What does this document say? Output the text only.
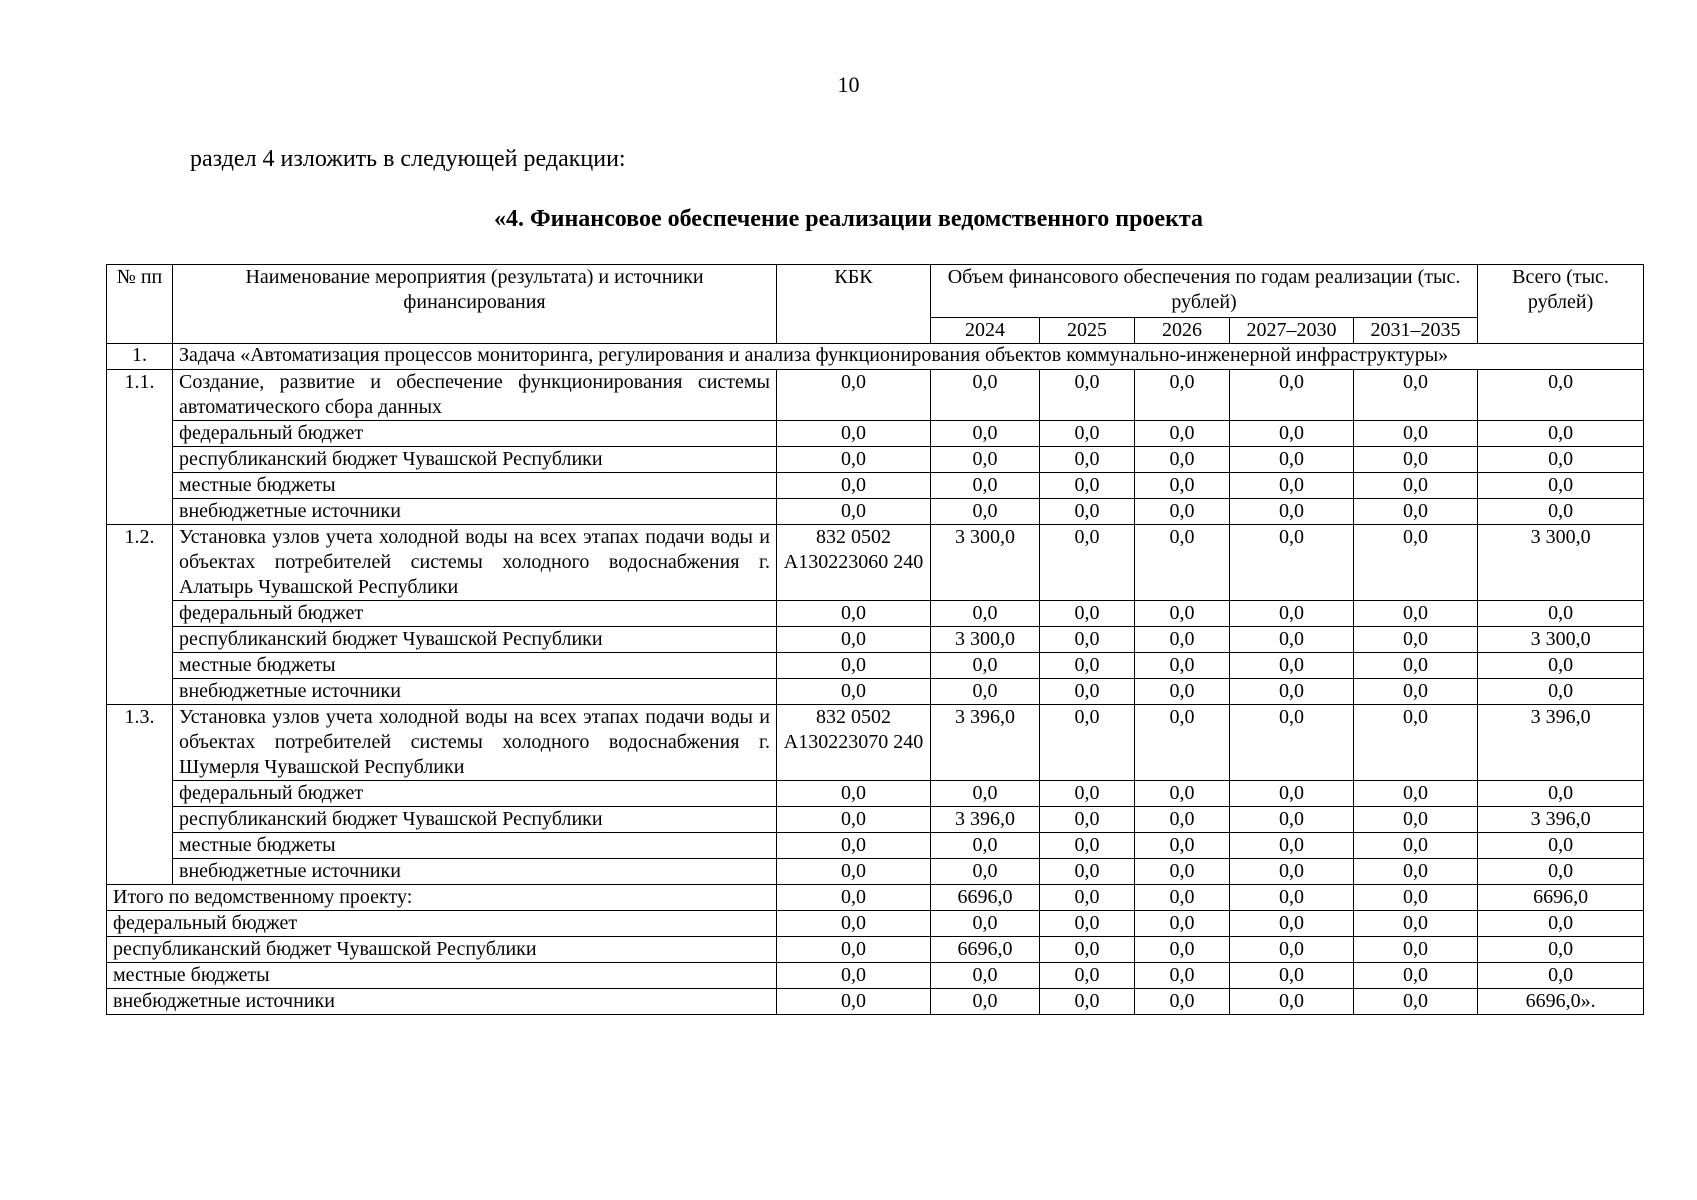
10
раздел 4 изложить в следующей редакции:
«4. Финансовое обеспечение реализации ведомственного проекта
№ пп	Наименование мероприятия (результата) и источники финансирования	КБК	Объем финансового обеспечения по годам реализации (тыс. рублей)					Всего (тыс. рублей)
			2024	2025	2026	2027–2030	2031–2035	
1.	Задача «Автоматизация процессов мониторинга, регулирования и анализа функционирования объектов коммунально-инженерной инфраструктуры»							
1.1.	Создание, развитие и обеспечение функционирования системы автоматического сбора данных	0,0	0,0	0,0	0,0	0,0	0,0	0,0
	федеральный бюджет	0,0	0,0	0,0	0,0	0,0	0,0	0,0
	республиканский бюджет Чувашской Республики	0,0	0,0	0,0	0,0	0,0	0,0	0,0
	местные бюджеты	0,0	0,0	0,0	0,0	0,0	0,0	0,0
	внебюджетные источники	0,0	0,0	0,0	0,0	0,0	0,0	0,0
1.2.	Установка узлов учета холодной воды на всех этапах подачи воды и объектах потребителей системы холодного водоснабжения г. Алатырь Чувашской Республики	832 0502 А130223060 240	3 300,0	0,0	0,0	0,0	0,0	3 300,0
	федеральный бюджет	0,0	0,0	0,0	0,0	0,0	0,0	0,0
	республиканский бюджет Чувашской Республики	0,0	3 300,0	0,0	0,0	0,0	0,0	3 300,0
	местные бюджеты	0,0	0,0	0,0	0,0	0,0	0,0	0,0
	внебюджетные источники	0,0	0,0	0,0	0,0	0,0	0,0	0,0
1.3.	Установка узлов учета холодной воды на всех этапах подачи воды и объектах потребителей системы холодного водоснабжения г. Шумерля Чувашской Республики	832 0502 А130223070 240	3 396,0	0,0	0,0	0,0	0,0	3 396,0
	федеральный бюджет	0,0	0,0	0,0	0,0	0,0	0,0	0,0
	республиканский бюджет Чувашской Республики	0,0	3 396,0	0,0	0,0	0,0	0,0	3 396,0
	местные бюджеты	0,0	0,0	0,0	0,0	0,0	0,0	0,0
	внебюджетные источники	0,0	0,0	0,0	0,0	0,0	0,0	0,0
Итого по ведомственному проекту:		0,0	6696,0	0,0	0,0	0,0	0,0	6696,0
федеральный бюджет		0,0	0,0	0,0	0,0	0,0	0,0	0,0
республиканский бюджет Чувашской Республики		0,0	6696,0	0,0	0,0	0,0	0,0	0,0
местные бюджеты		0,0	0,0	0,0	0,0	0,0	0,0	0,0
внебюджетные источники		0,0	0,0	0,0	0,0	0,0	0,0	6696,0».
